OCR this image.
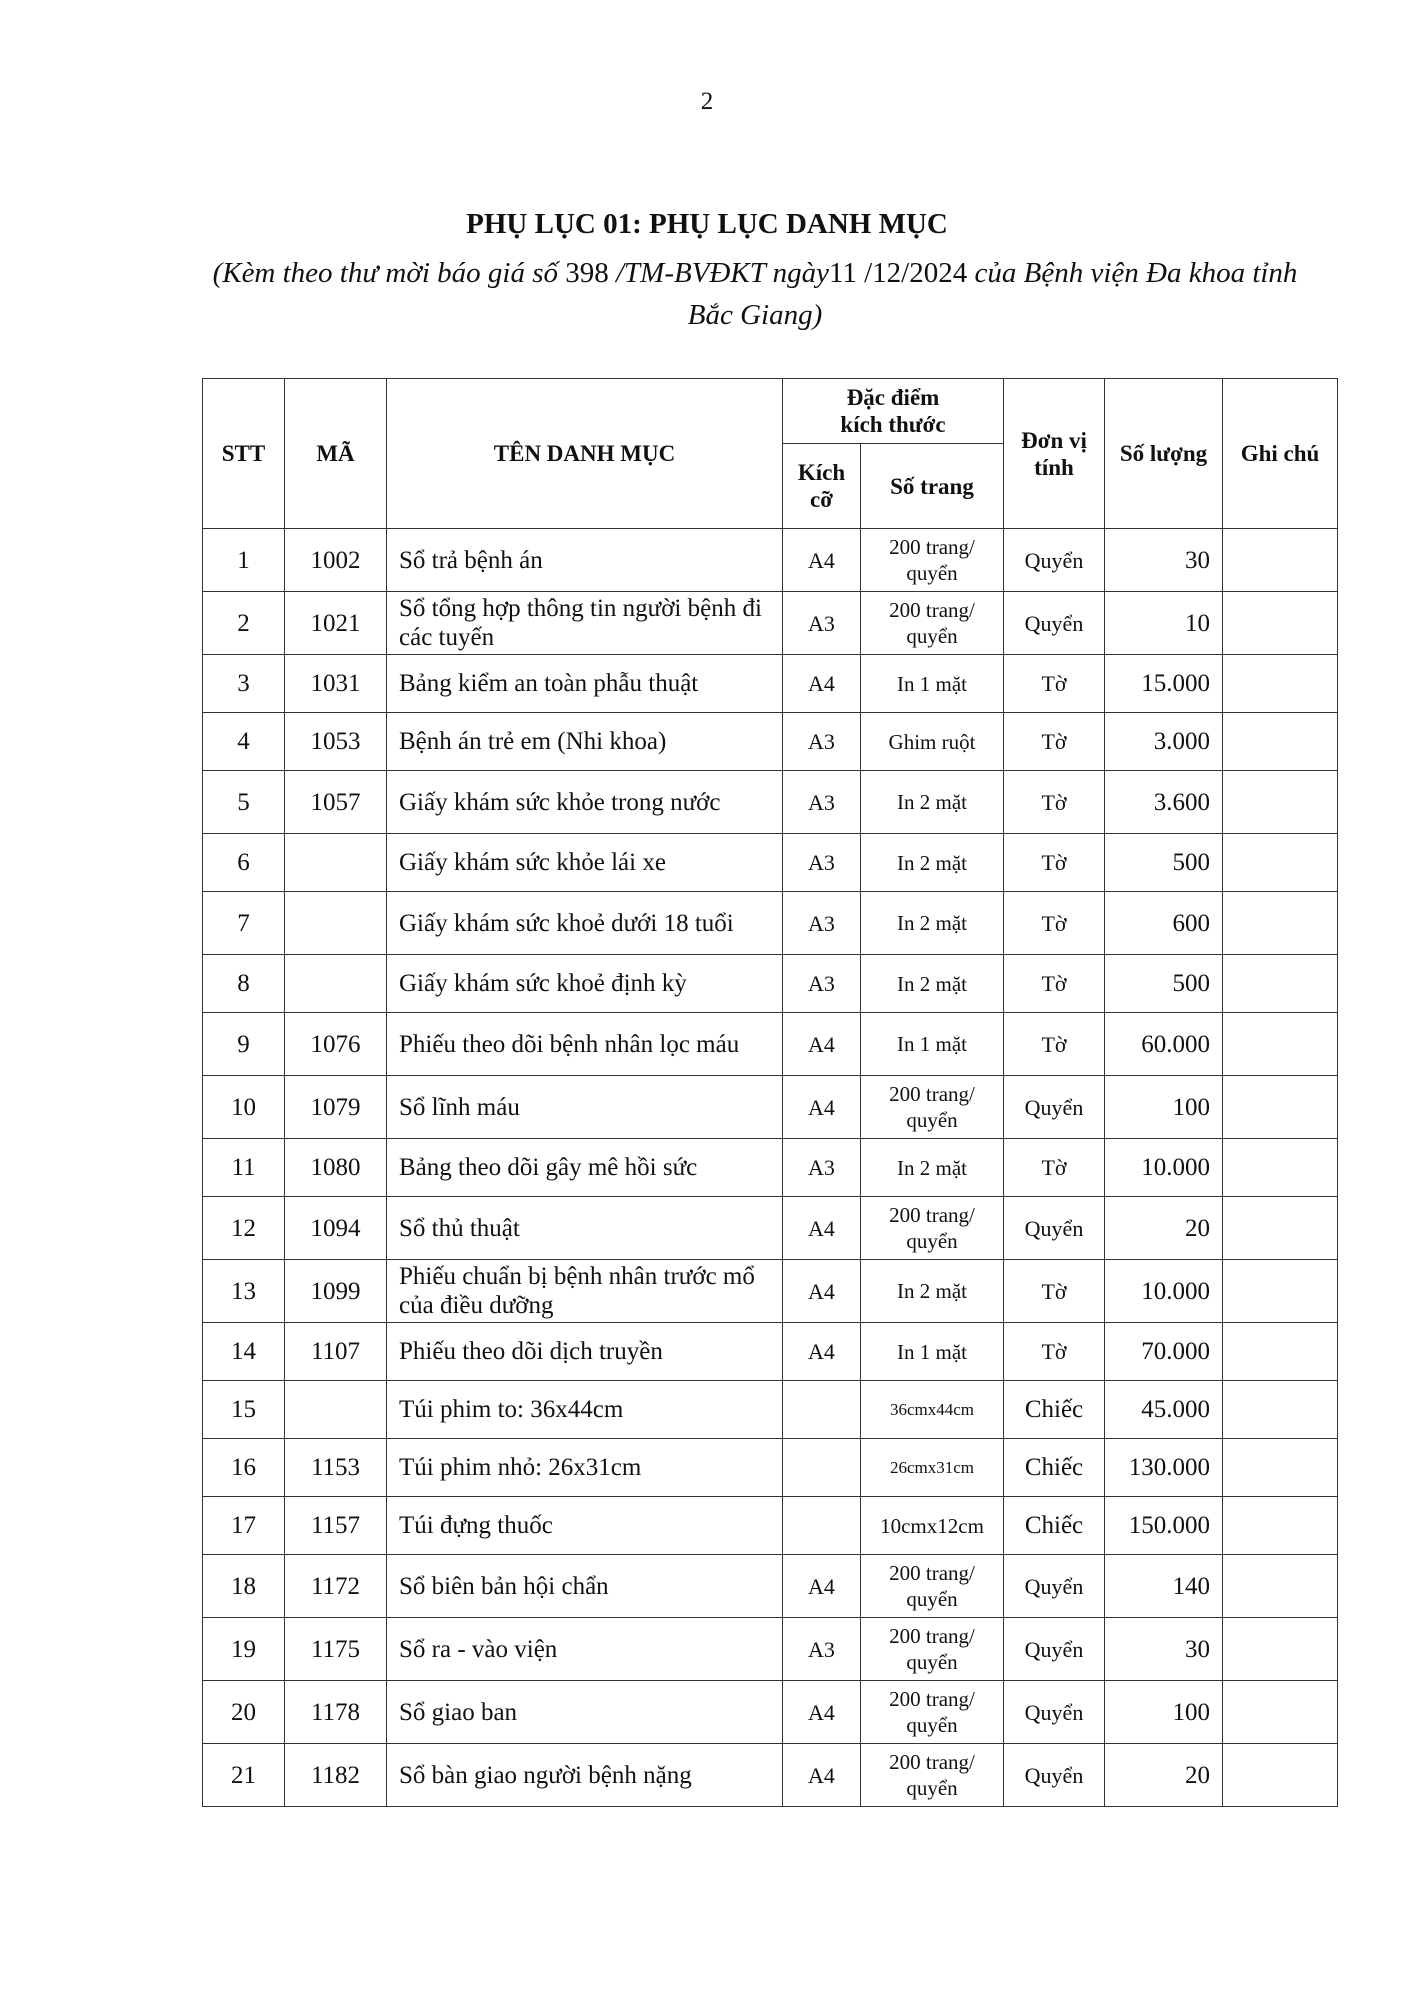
2
PHỤ LỤC 01: PHỤ LỤC DANH MỤC
(Kèm theo thư mời báo giá số 398 /TM-BVĐKT ngày11 /12/2024 của Bệnh viện Đa khoa tỉnh Bắc Giang)
STT	MÃ	TÊN DANH MỤC	Đặc điểm kích thước		Đơn vị tính	Số lượng	Ghi chú
			Kích cỡ	Số trang			
1	1002	Sổ trả bệnh án	A4	200 trang/ quyển	Quyển	30	
2	1021	Sổ tổng hợp thông tin người bệnh đi các tuyến	A3	200 trang/ quyển	Quyển	10	
3	1031	Bảng kiểm an toàn phẫu thuật	A4	In 1 mặt	Tờ	15.000	
4	1053	Bệnh án trẻ em (Nhi khoa)	A3	Ghim ruột	Tờ	3.000	
5	1057	Giấy khám sức khỏe trong nước	A3	In 2 mặt	Tờ	3.600	
6		Giấy khám sức khỏe lái xe	A3	In 2 mặt	Tờ	500	
7		Giấy khám sức khoẻ dưới 18 tuổi	A3	In 2 mặt	Tờ	600	
8		Giấy khám sức khoẻ định kỳ	A3	In 2 mặt	Tờ	500	
9	1076	Phiếu theo dõi bệnh nhân lọc máu	A4	In 1 mặt	Tờ	60.000	
10	1079	Sổ lĩnh máu	A4	200 trang/ quyển	Quyển	100	
11	1080	Bảng theo dõi gây mê hồi sức	A3	In 2 mặt	Tờ	10.000	
12	1094	Sổ thủ thuật	A4	200 trang/ quyển	Quyển	20	
13	1099	Phiếu chuẩn bị bệnh nhân trước mổ của điều dưỡng	A4	In 2 mặt	Tờ	10.000	
14	1107	Phiếu theo dõi dịch truyền	A4	In 1 mặt	Tờ	70.000	
15		Túi phim to: 36x44cm		36cmx44cm	Chiếc	45.000	
16	1153	Túi phim nhỏ: 26x31cm		26cmx31cm	Chiếc	130.000	
17	1157	Túi đựng thuốc		10cmx12cm	Chiếc	150.000	
18	1172	Sổ biên bản hội chẩn	A4	200 trang/ quyển	Quyển	140	
19	1175	Sổ ra - vào viện	A3	200 trang/ quyển	Quyển	30	
20	1178	Sổ giao ban	A4	200 trang/ quyển	Quyển	100	
21	1182	Sổ bàn giao người bệnh nặng	A4	200 trang/ quyển	Quyển	20	
